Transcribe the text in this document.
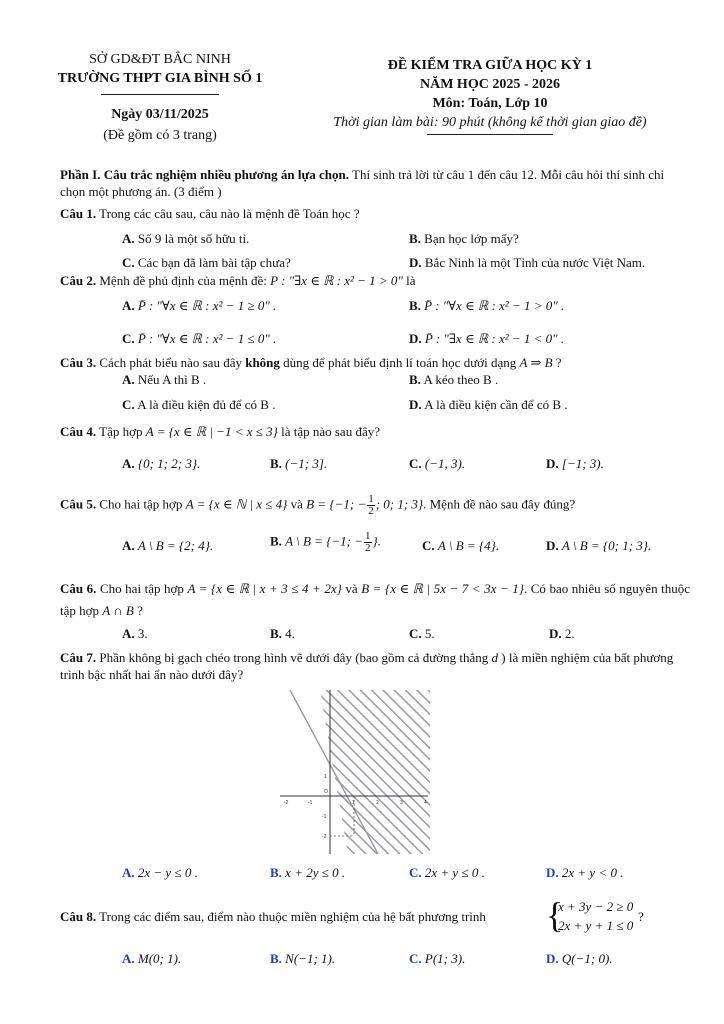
SỞ GD&ĐT BẮC NINH
TRƯỜNG THPT GIA BÌNH SỐ 1
Ngày 03/11/2025
(Đề gồm có 3 trang)
ĐỀ KIỂM TRA GIỮA HỌC KỲ 1
NĂM HỌC 2025 - 2026
Môn: Toán, Lớp 10
Thời gian làm bài: 90 phút (không kể thời gian giao đề)
Phần I. Câu trắc nghiệm nhiều phương án lựa chọn. Thí sinh trả lời từ câu 1 đến câu 12. Mỗi câu hỏi thí sinh chỉ chọn một phương án. (3 điểm )
Câu 1. Trong các câu sau, câu nào là mệnh đề Toán học ?
A. Số 9 là một số hữu tỉ.	B. Bạn học lớp mấy?
C. Các bạn đã làm bài tập chưa?	D. Bắc Ninh là một Tỉnh của nước Việt Nam.
Câu 2. Mệnh đề phủ định của mệnh đề: P : "∃x ∈ ℝ : x² − 1 > 0" là
A. P̄ : "∀x ∈ ℝ : x² − 1 ≥ 0" .	B. P̄ : "∀x ∈ ℝ : x² − 1 > 0" .
C. P̄ : "∀x ∈ ℝ : x² − 1 ≤ 0" .	D. P̄ : "∃x ∈ ℝ : x² − 1 < 0" .
Câu 3. Cách phát biểu nào sau đây không dùng để phát biểu định lí toán học dưới dạng A ⇒ B ?
A. Nếu A thì B .	B. A kéo theo B .
C. A là điều kiện đủ để có B .	D. A là điều kiện cần để có B .
Câu 4. Tập hợp A = {x ∈ ℝ | −1 < x ≤ 3} là tập nào sau đây?
A. {0; 1; 2; 3}.	B. (−1; 3].	C. (−1, 3).	D. [−1; 3).
Câu 5. Cho hai tập hợp A = {x ∈ ℕ | x ≤ 4} và B = {−1; − $\frac{1}{2}$ ; 0; 1; 3}. Mệnh đề nào sau đây đúng?
A. A \ B = {2; 4}.	B. A \ B = {−1; − $\frac{1}{2}$ }.	C. A \ B = {4}.	D. A \ B = {0; 1; 3}.
Câu 6. Cho hai tập hợp A = {x ∈ ℝ | x + 3 ≤ 4 + 2x} và B = {x ∈ ℝ | 5x − 7 < 3x − 1}. Có bao nhiêu số nguyên thuộc tập hợp A ∩ B ?
A. 3.	B. 4.	C. 5.	D. 2.
Câu 7. Phần không bị gạch chéo trong hình vẽ dưới đây (bao gồm cả đường thẳng d ) là miền nghiệm của bất phương trình bậc nhất hai ẩn nào dưới đây?
-2	-1	1	2	3	4
1
-1
-2
O
A. 2x − y ≤ 0 .	B. x + 2y ≤ 0 .	C. 2x + y ≤ 0 .	D. 2x + y < 0 .
Câu 8. Trong các điểm sau, điểm nào thuộc miền nghiệm của hệ bất phương trình {
x + 3y − 2 ≥ 0
2x + y + 1 ≤ 0
?
A. M(0; 1).	B. N(−1; 1).	C. P(1; 3).	D. Q(−1; 0).
